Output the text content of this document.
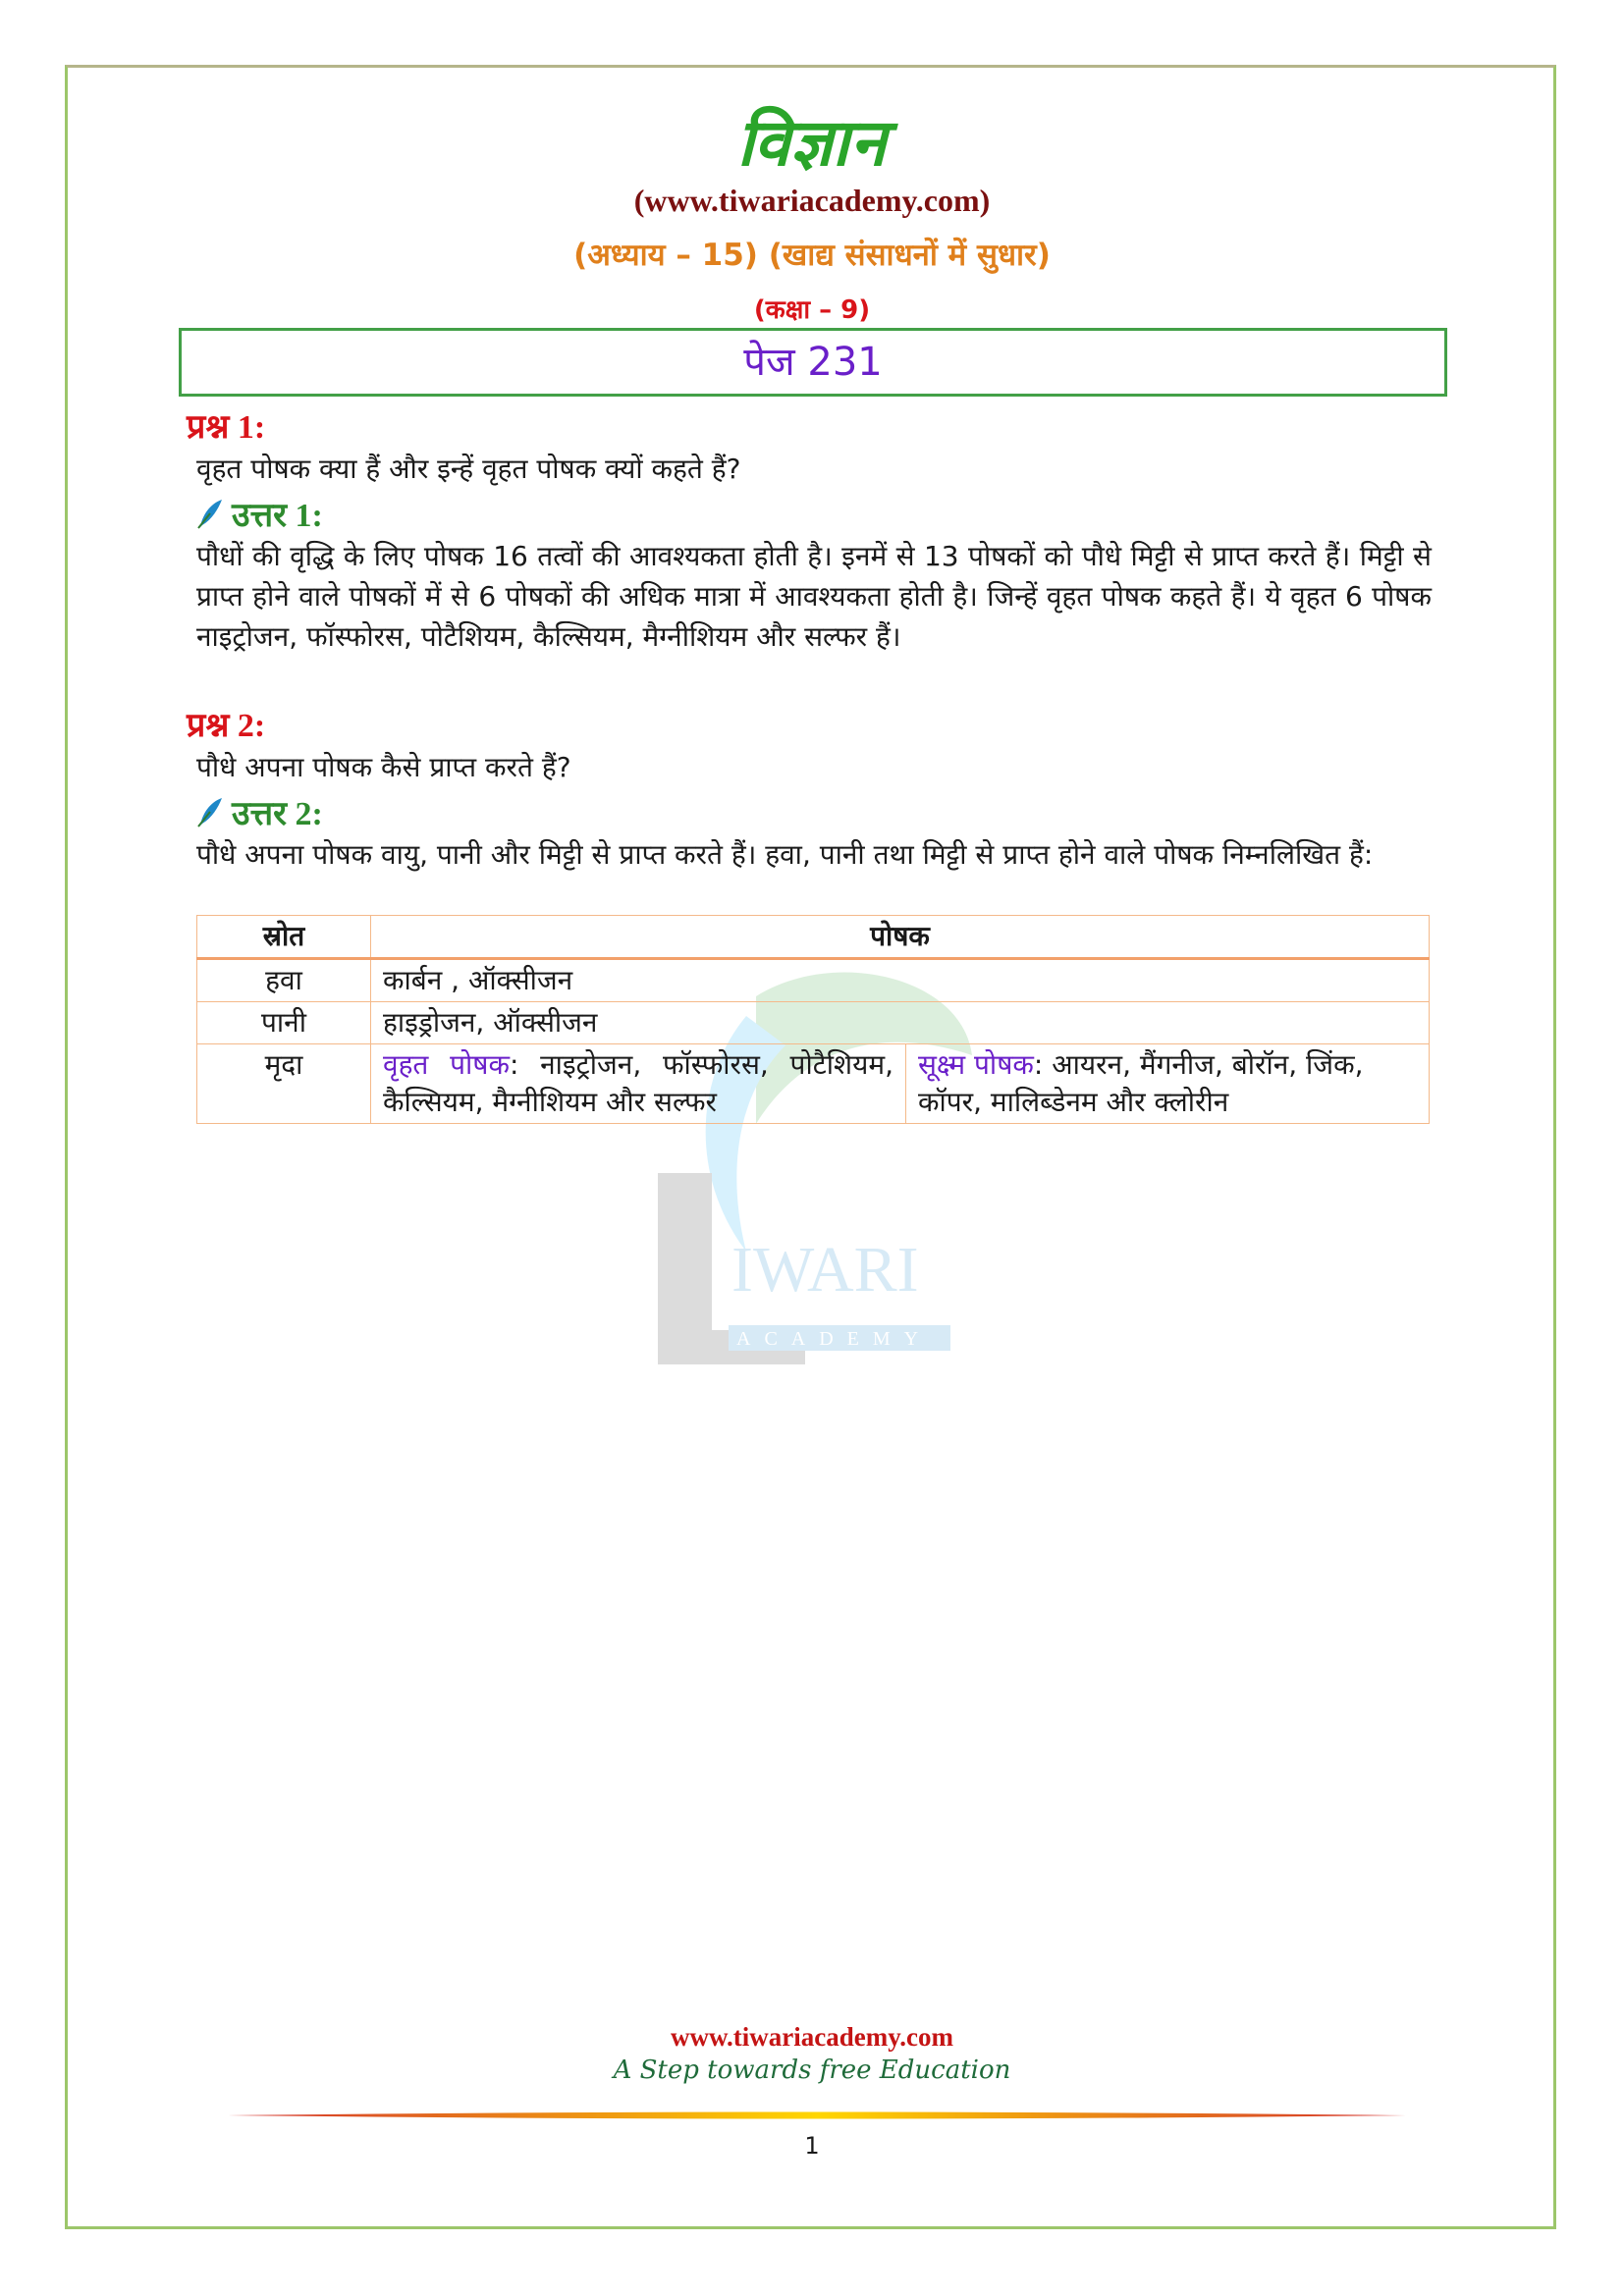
विज्ञान
(www.tiwariacademy.com)
(अध्याय – 15) (खाद्य संसाधनों में सुधार)
(कक्षा – 9)
पेज 231
IWARI
ACADEMY
प्रश्न 1:
वृहत पोषक क्या हैं और इन्हें वृहत पोषक क्यों कहते हैं?
उत्तर 1:
पौधों की वृद्धि के लिए पोषक 16 तत्वों की आवश्यकता होती है। इनमें से 13 पोषकों को पौधे मिट्टी से प्राप्त करते हैं। मिट्टी से प्राप्त होने वाले पोषकों में से 6 पोषकों की अधिक मात्रा में आवश्यकता होती है। जिन्हें वृहत पोषक कहते हैं। ये वृहत 6 पोषक नाइट्रोजन, फॉस्फोरस, पोटैशियम, कैल्सियम, मैग्नीशियम और सल्फर हैं।
प्रश्न 2:
पौधे अपना पोषक कैसे प्राप्त करते हैं?
उत्तर 2:
पौधे अपना पोषक वायु, पानी और मिट्टी से प्राप्त करते हैं। हवा, पानी तथा मिट्टी से प्राप्त होने वाले पोषक निम्नलिखित हैं:
स्रोत	पोषक	
हवा	कार्बन , ऑक्सीजन	
पानी	हाइड्रोजन, ऑक्सीजन	
मृदा	वृहत पोषक: नाइट्रोजन, फॉस्फोरस, पोटैशियम, कैल्सियम, मैग्नीशियम और सल्फर	सूक्ष्म पोषक: आयरन, मैंगनीज, बोरॉन, जिंक, कॉपर, मालिब्डेनम और क्लोरीन
www.tiwariacademy.com
A Step towards free Education
1
